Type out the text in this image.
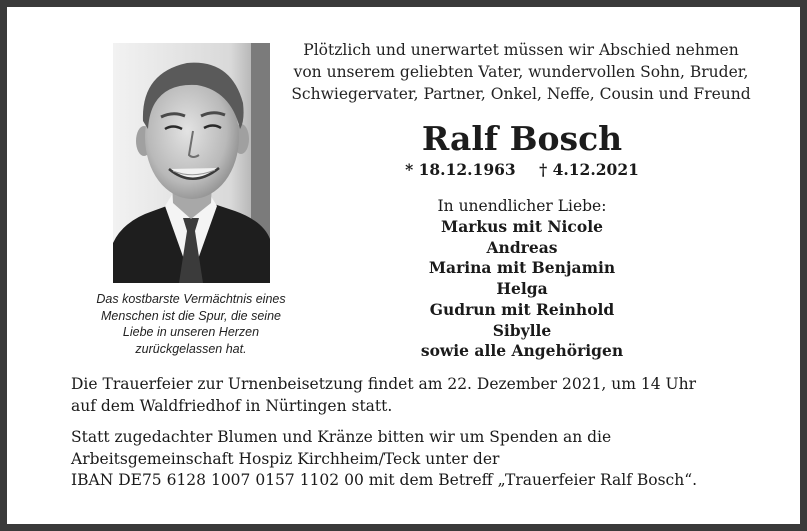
Das kostbarste Vermächtnis eines
Menschen ist die Spur, die seine
Liebe in unseren Herzen
zurückgelassen hat.
Plötzlich und unerwartet müssen wir Abschied nehmen
von unserem geliebten Vater, wundervollen Sohn, Bruder,
Schwiegervater, Partner, Onkel, Neffe, Cousin und Freund
Ralf Bosch
* 18.12.1963 † 4.12.2021
In unendlicher Liebe:
Markus mit Nicole
Andreas
Marina mit Benjamin
Helga
Gudrun mit Reinhold
Sibylle
sowie alle Angehörigen
Die Trauerfeier zur Urnenbeisetzung findet am 22. Dezember 2021, um 14 Uhr
auf dem Waldfriedhof in Nürtingen statt.
Statt zugedachter Blumen und Kränze bitten wir um Spenden an die
Arbeitsgemeinschaft Hospiz Kirchheim/Teck unter der
IBAN DE75 6128 1007 0157 1102 00 mit dem Betreff „Trauerfeier Ralf Bosch“.
